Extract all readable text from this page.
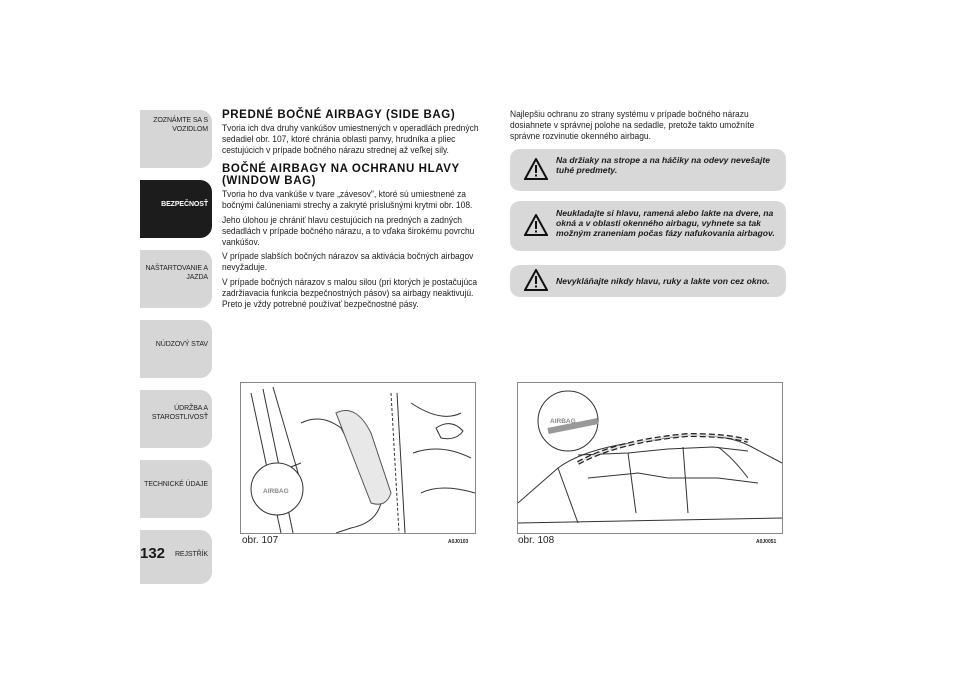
ZOZNÁMTE SA S
VOZIDLOM
BEZPEČNOSŤ
NAŠTARTOVANIE A
JAZDA
NÚDZOVÝ STAV
ÚDRŽBA A
STAROSTLIVOSŤ
TECHNICKÉ ÚDAJE
REJSTŘÍK
132
PREDNÉ BOČNÉ AIRBAGY (SIDE BAG)

Tvoria ich dva druhy vankúšov umiestnených v operadlách predných sedadiel obr. 107, ktoré chránia oblasti panvy, hrudníka a pliec cestujúcich v prípade bočného nárazu strednej až veľkej sily.

BOČNÉ AIRBAGY NA OCHRANU HLAVY
(WINDOW BAG)

Tvoria ho dva vankúše v tvare „závesov", ktoré sú umiestnené za bočnými čalúneniami strechy a zakryté príslušnými krytmi obr. 108.

Jeho úlohou je chrániť hlavu cestujúcich na predných a zadných sedadlách v prípade bočného nárazu, a to vďaka širokému povrchu vankúšov.

V prípade slabších bočných nárazov sa aktivácia bočných airbagov nevyžaduje.

V prípade bočných nárazov s malou silou (pri ktorých je postačujúca zadržiavacia funkcia bezpečnostných pásov) sa airbagy neaktivujú. Preto je vždy potrebné používať bezpečnostné pásy.

Najlepšiu ochranu zo strany systému v prípade bočného nárazu dosiahnete v správnej polohe na sedadle, pretože takto umožníte správne rozvinutie okenného airbagu.

Na držiaky na strope a na háčiky na odevy nevešajte tuhé predmety.
Neukladajte si hlavu, ramená alebo lakte na dvere, na okná a v oblasti okenného airbagu, vyhnete sa tak možným zraneniam počas fázy nafukovania airbagov.
Nevykláňajte nikdy hlavu, ruky a lakte von cez okno.
AIRBAG
obr. 107	A0J0103
AIRBAG
obr. 108	A0J0051
